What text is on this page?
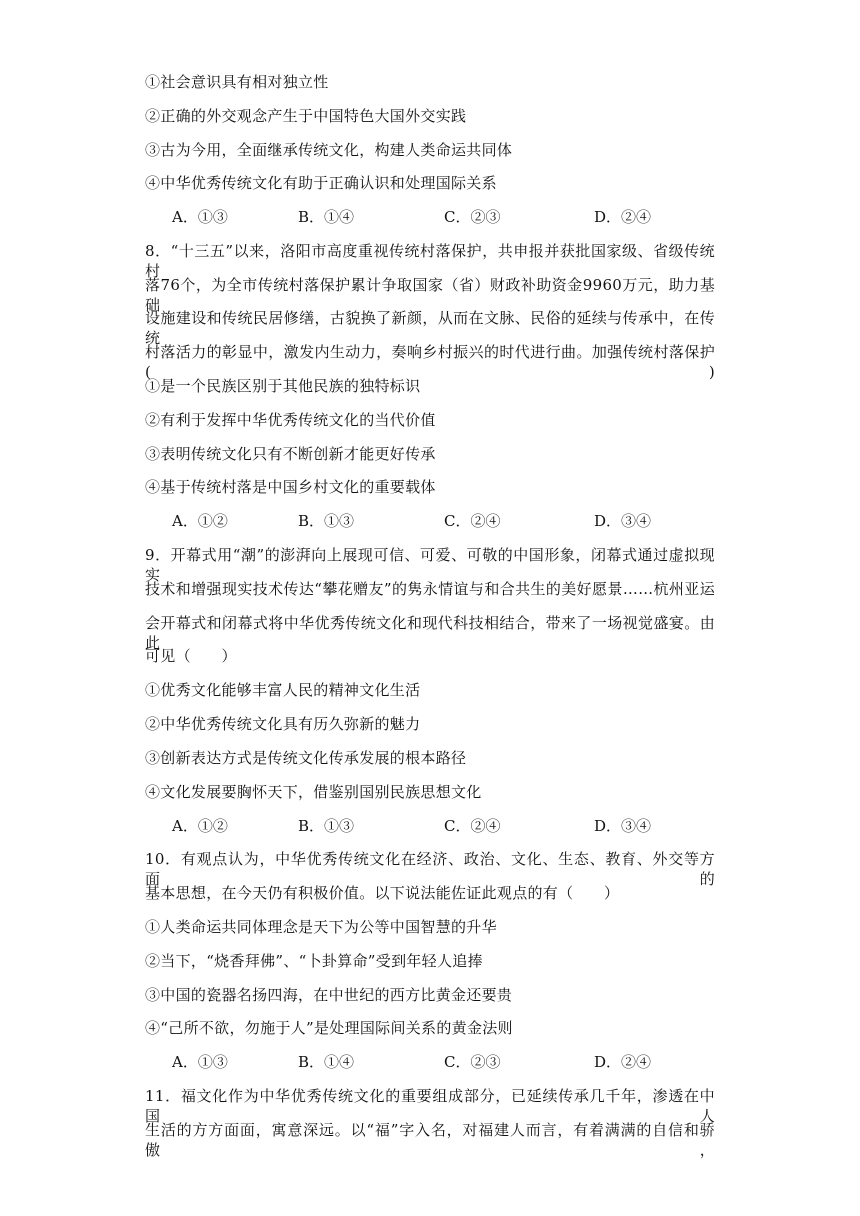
①社会意识具有相对独立性
②正确的外交观念产生于中国特色大国外交实践
③古为今用，全面继承传统文化，构建人类命运共同体
④中华优秀传统文化有助于正确认识和处理国际关系
A．①③	B．①④	C．②③	D．②④
8．“十三五”以来，洛阳市高度重视传统村落保护，共申报并获批国家级、省级传统村
落76个，为全市传统村落保护累计争取国家（省）财政补助资金9960万元，助力基础
设施建设和传统民居修缮，古貌换了新颜，从而在文脉、民俗的延续与传承中，在传统
村落活力的彰显中，激发内生动力，奏响乡村振兴的时代进行曲。加强传统村落保护(　　)
①是一个民族区别于其他民族的独特标识
②有利于发挥中华优秀传统文化的当代价值
③表明传统文化只有不断创新才能更好传承
④基于传统村落是中国乡村文化的重要载体
A．①②	B．①③	C．②④	D．③④
9．开幕式用“潮”的澎湃向上展现可信、可爱、可敬的中国形象，闭幕式通过虚拟现实
技术和增强现实技术传达“攀花赠友”的隽永情谊与和合共生的美好愿景……杭州亚运
会开幕式和闭幕式将中华优秀传统文化和现代科技相结合，带来了一场视觉盛宴。由此
可见（　　）
①优秀文化能够丰富人民的精神文化生活
②中华优秀传统文化具有历久弥新的魅力
③创新表达方式是传统文化传承发展的根本路径
④文化发展要胸怀天下，借鉴别国别民族思想文化
A．①②	B．①③	C．②④	D．③④
10．有观点认为，中华优秀传统文化在经济、政治、文化、生态、教育、外交等方面的
基本思想，在今天仍有积极价值。以下说法能佐证此观点的有（　　）
①人类命运共同体理念是天下为公等中国智慧的升华
②当下，“烧香拜佛”、“卜卦算命”受到年轻人追捧
③中国的瓷器名扬四海，在中世纪的西方比黄金还要贵
④“己所不欲，勿施于人”是处理国际间关系的黄金法则
A．①③	B．①④	C．②③	D．②④
11．福文化作为中华优秀传统文化的重要组成部分，已延续传承几千年，渗透在中国人
生活的方方面面，寓意深远。以“福”字入名，对福建人而言，有着满满的自信和骄傲，
